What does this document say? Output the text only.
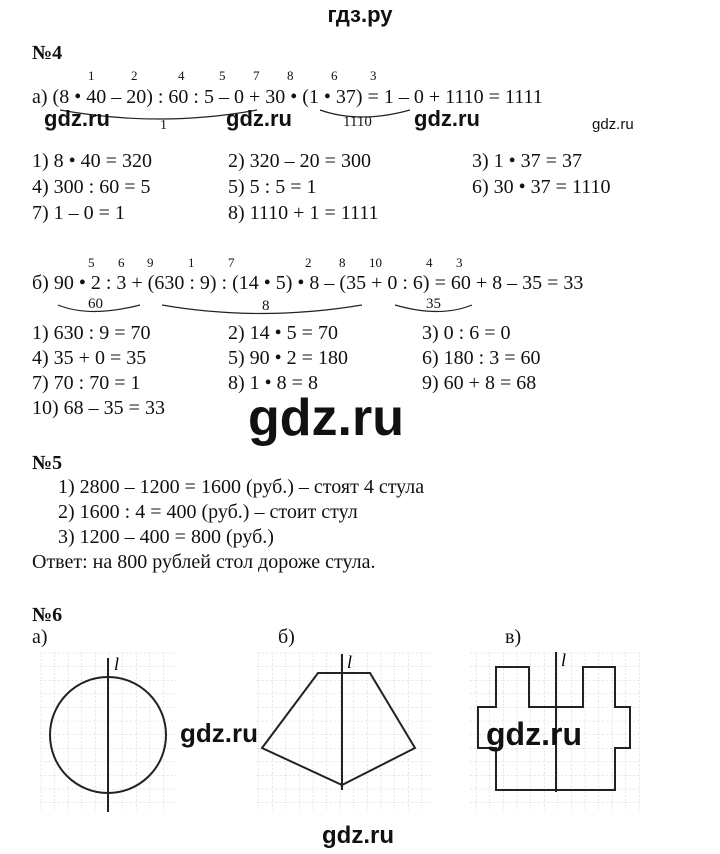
гдз.ру
№4
1	2	4	5 7 8	6	3
а) (8 • 40 – 20) : 60 : 5 – 0 + 30 • (1 • 37) = 1 – 0 + 1110 = 1111
1	1110
gdz.ru	gdz.ru	gdz.ru	gdz.ru
1) 8 • 40 = 320	2) 320 – 20 = 300	3) 1 • 37 = 37
4) 300 : 60 = 5	5) 5 : 5 = 1	6) 30 • 37 = 1110
7) 1 – 0 = 1	8) 1110 + 1 = 1111
5 6 9	1	7	2 8 10	4 3
б) 90 • 2 : 3 + (630 : 9) : (14 • 5) • 8 – (35 + 0 : 6) = 60 + 8 – 35 = 33
60	8	35
1) 630 : 9 = 70	2) 14 • 5 = 70	3) 0 : 6 = 0
4) 35 + 0 = 35	5) 90 • 2 = 180	6) 180 : 3 = 60
7) 70 : 70 = 1	8) 1 • 8 = 8	9) 60 + 8 = 68
10) 68 – 35 = 33 gdz.ru
№5
1) 2800 – 1200 = 1600 (руб.) – стоят 4 стула
2) 1600 : 4 = 400 (руб.) – стоит стул
3) 1200 – 400 = 800 (руб.)
Ответ: на 800 рублей стол дороже стула.
№6
а)	б)	в)
l	l	l
gdz.ru	gdz.ru
gdz.ru
